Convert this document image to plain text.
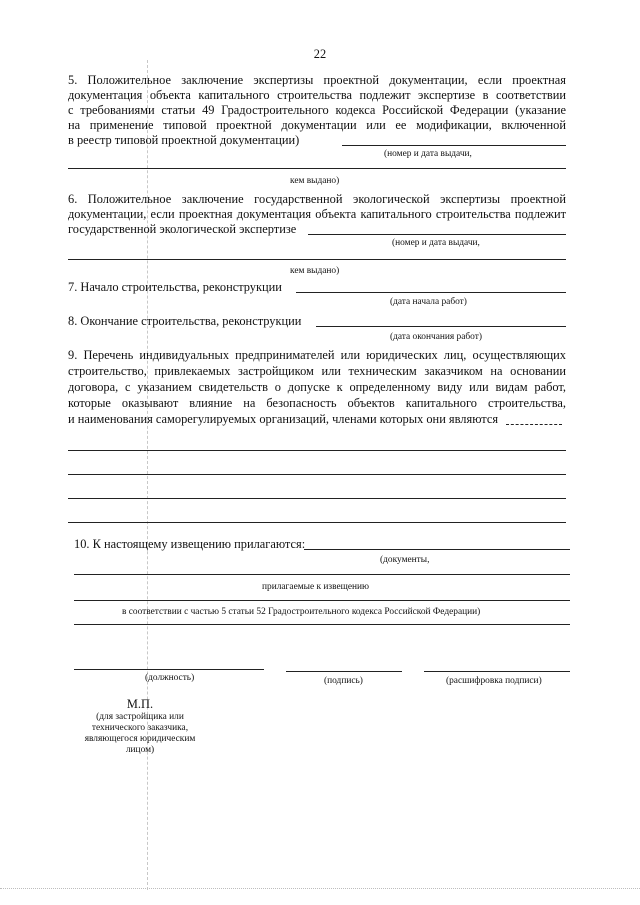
22
5. Положительное заключение экспертизы проектной документации, если проектная
документация объекта капитального строительства подлежит экспертизе в соответствии
с требованиями статьи 49 Градостроительного кодекса Российской Федерации (указание
на применение типовой проектной документации или ее модификации, включенной
в реестр типовой проектной документации)
(номер и дата выдачи,
кем выдано)
6. Положительное заключение государственной экологической экспертизы проектной
документации, если проектная документация объекта капитального строительства подлежит
государственной экологической экспертизе
(номер и дата выдачи,
кем выдано)
7. Начало строительства, реконструкции
(дата начала работ)
8. Окончание строительства, реконструкции
(дата окончания работ)
9. Перечень индивидуальных предпринимателей или юридических лиц, осуществляющих
строительство, привлекаемых застройщиком или техническим заказчиком на основании
договора, с указанием свидетельств о допуске к определенному виду или видам работ,
которые оказывают влияние на безопасность объектов капитального строительства,
и наименования саморегулируемых организаций, членами которых они являются
10. К настоящему извещению прилагаются:
(документы,
прилагаемые к извещению
в соответствии с частью 5 статьи 52 Градостроительного кодекса Российской Федерации)
(должность)	(подпись)	(расшифровка подписи)
М.П.
(для застройщика или
технического заказчика,
являющегося юридическим
лицом)
